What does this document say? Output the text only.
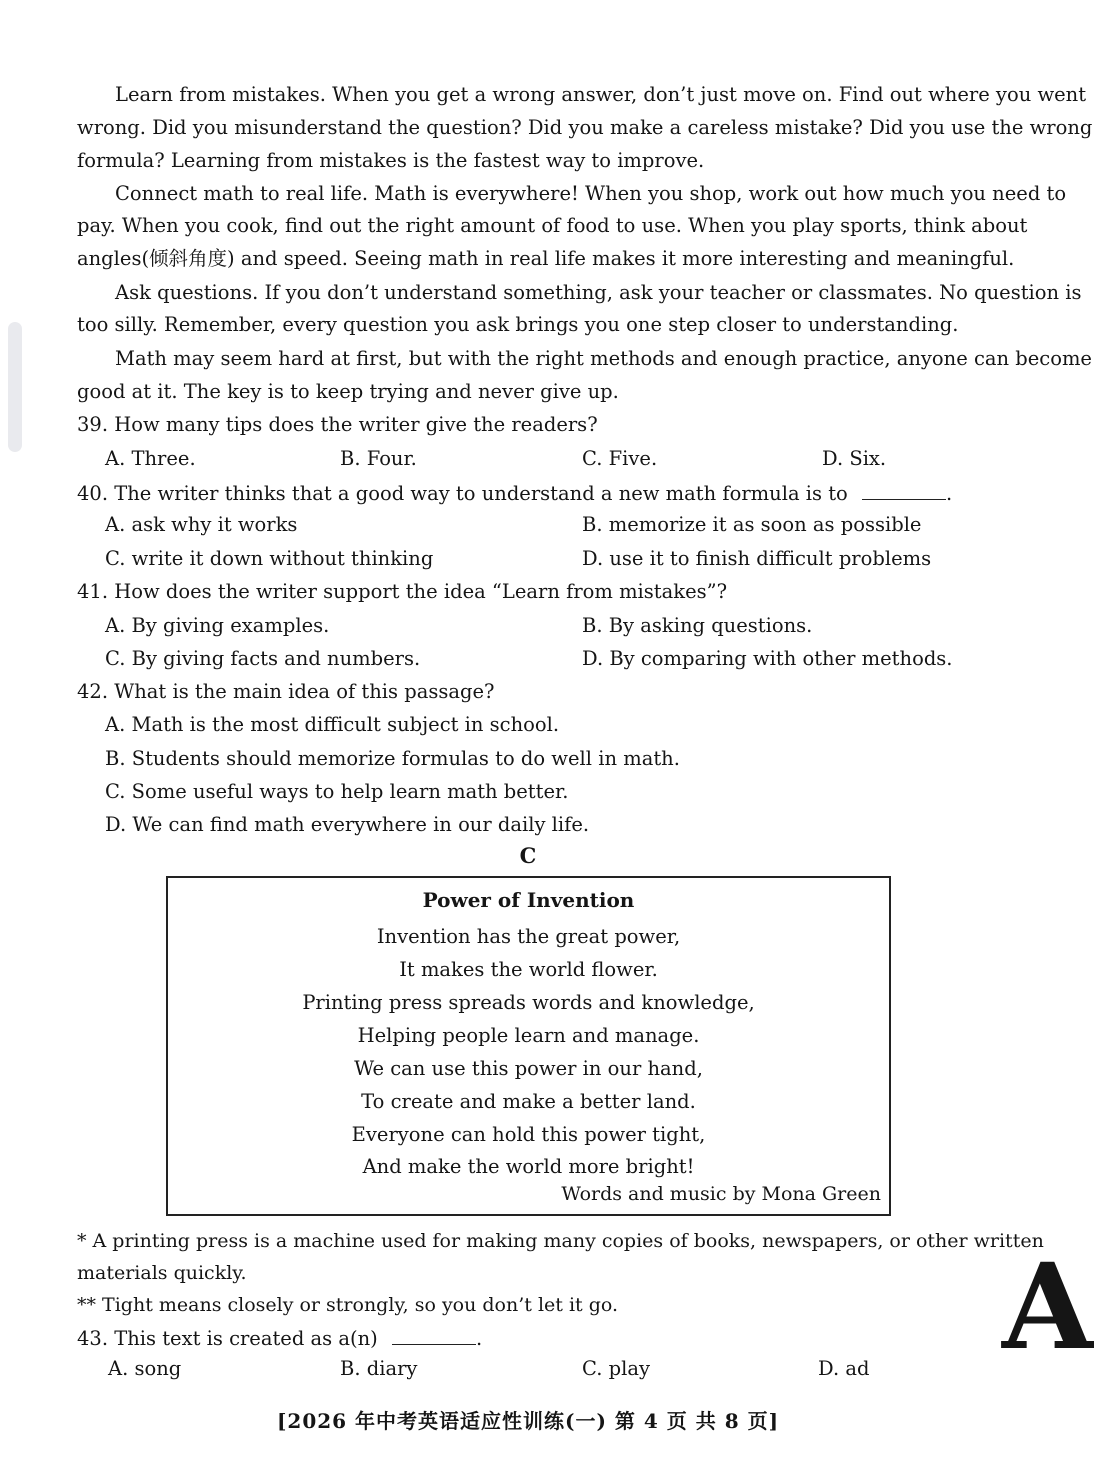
Learn from mistakes. When you get a wrong answer, don’t just move on. Find out where you went
wrong. Did you misunderstand the question? Did you make a careless mistake? Did you use the wrong
formula? Learning from mistakes is the fastest way to improve.
Connect math to real life. Math is everywhere! When you shop, work out how much you need to
pay. When you cook, find out the right amount of food to use. When you play sports, think about
angles(倾斜角度) and speed. Seeing math in real life makes it more interesting and meaningful.
Ask questions. If you don’t understand something, ask your teacher or classmates. No question is
too silly. Remember, every question you ask brings you one step closer to understanding.
Math may seem hard at first, but with the right methods and enough practice, anyone can become
good at it. The key is to keep trying and never give up.
39. How many tips does the writer give the readers?
A. Three.	B. Four.	C. Five.	D. Six.
40. The writer thinks that a good way to understand a new math formula is to	.
A. ask why it works	B. memorize it as soon as possible
C. write it down without thinking	D. use it to finish difficult problems
41. How does the writer support the idea “Learn from mistakes”?
A. By giving examples.	B. By asking questions.
C. By giving facts and numbers.	D. By comparing with other methods.
42. What is the main idea of this passage?
A. Math is the most difficult subject in school.
B. Students should memorize formulas to do well in math.
C. Some useful ways to help learn math better.
D. We can find math everywhere in our daily life.
C
Power of Invention
Invention has the great power,
It makes the world flower.
Printing press spreads words and knowledge,
Helping people learn and manage.
We can use this power in our hand,
To create and make a better land.
Everyone can hold this power tight,
And make the world more bright!
Words and music by Mona Green
* A printing press is a machine used for making many copies of books, newspapers, or other written
materials quickly.
** Tight means closely or strongly, so you don’t let it go.
43. This text is created as a(n)	.
A. song	B. diary	C. play	D. ad A
[2026 年中考英语适应性训练(一) 第 4 页 共 8 页]
